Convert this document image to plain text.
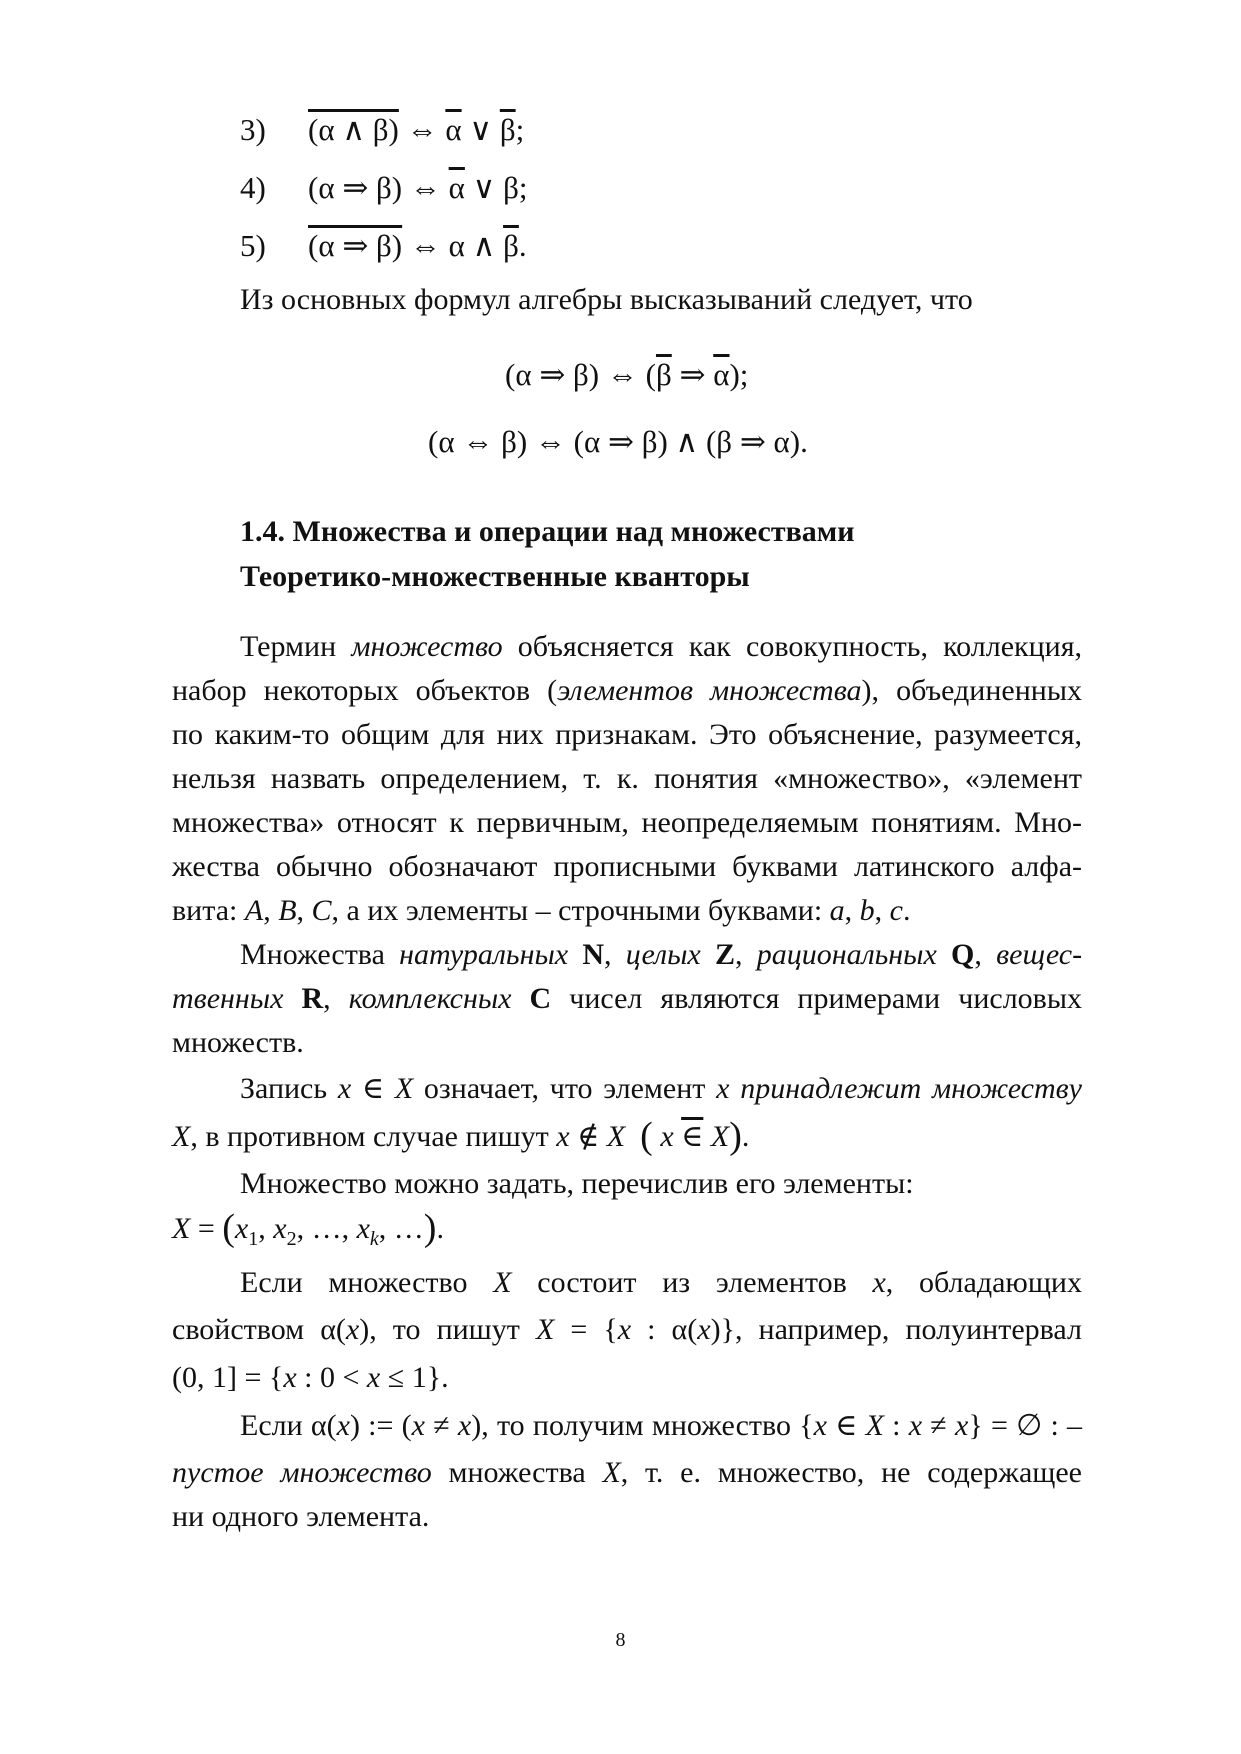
3) (α ∧ β) ⇔ $\overline{\alpha}$ ∨ $\overline{\beta}$;
4) (α ⇒ β) ⇔ $\overline{\alpha}$ ∨ β;
5) (α ⇒ β) ⇔ α ∧ $\overline{\beta}$.
Из основных формул алгебры высказываний следует, что
(α ⇒ β) ⇔ ($\overline{\beta}$ ⇒ $\overline{\alpha}$);
(α ⇔ β) ⇔ (α ⇒ β) ∧ (β ⇒ α).
1.4. Множества и операции над множествами
Теоретико-множественные кванторы
Термин множество объясняется как совокупность, коллекция,
набор некоторых объектов (элементов множества), объединенных
по каким-то общим для них признакам. Это объяснение, разумеется,
нельзя назвать определением, т. к. понятия «множество», «элемент
множества» относят к первичным, неопределяемым понятиям. Мно-
жества обычно обозначают прописными буквами латинского алфа-
вита: A, B, C, а их элементы – строчными буквами: a, b, c.
Множества натуральных N, целых Z, рациональных Q, вещес-
твенных R, комплексных C чисел являются примерами числовых
множеств.
Запись x ∈ X означает, что элемент x принадлежит множеству
X, в противном случае пишут x ∉ X ( x ∈ X).
Множество можно задать, перечислив его элементы:
$X = (x_1$, $x_2$, …, $x_k$, …).
Если множество X состоит из элементов x, обладающих
свойством α(x), то пишут X = {x : α(x)}, например, полуинтервал
(0, 1] = {x : 0 < x ≤ 1}.
Если α(x) := (x ≠ x), то получим множество {x ∈ X : x ≠ x} = ∅ : –
пустое множество множества X, т. е. множество, не содержащее
ни одного элемента.
8
